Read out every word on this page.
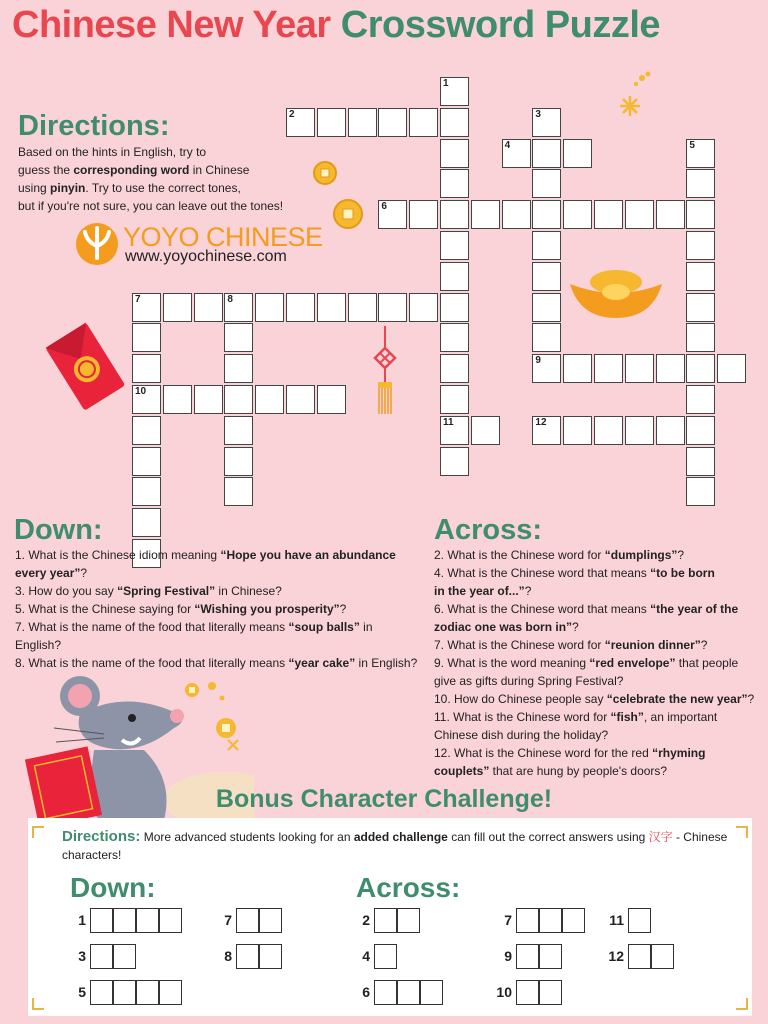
Chinese New Year Crossword Puzzle
Directions:
Based on the hints in English, try to
guess the corresponding word in Chinese
using pinyin. Try to use the correct tones,
but if you're not sure, you can leave out the tones!
YOYO CHINESE
www.yoyochinese.com
1
11
2	3
4	5
6
7	8
10
9
12
Down:

1. What is the Chinese idiom meaning “Hope you have an abundance
every year”?

3. How do you say “Spring Festival” in Chinese?

5. What is the Chinese saying for “Wishing you prosperity”?

7. What is the name of the food that literally means “soup balls” in
English?

8. What is the name of the food that literally means “year cake” in English?

Across:

2. What is the Chinese word for “dumplings”?

4. What is the Chinese word that means “to be born
in the year of...”?

6. What is the Chinese word that means “the year of the
zodiac one was born in”?

7. What is the Chinese word for “reunion dinner”?

9. What is the word meaning “red envelope” that people
give as gifts during Spring Festival?

10. How do Chinese people say “celebrate the new year”?

11. What is the Chinese word for “fish”, an important
Chinese dish during the holiday?

12. What is the Chinese word for the red “rhyming
couplets” that are hung by people's doors?

Bonus Character Challenge!
Directions: More advanced students looking for an added challenge can fill out the correct answers using 汉字 - Chinese characters!
Down:	Across:
1
3
5
7
8
2
4
6
7
9
10
11
12
